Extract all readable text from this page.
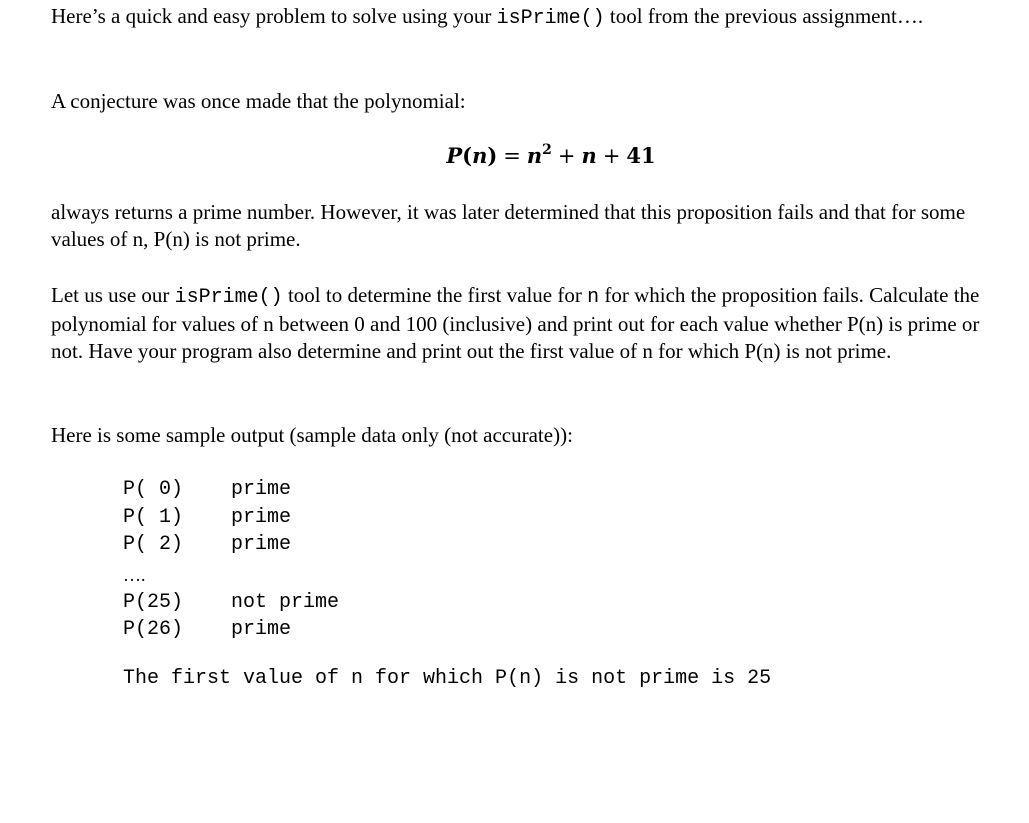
Here’s a quick and easy problem to solve using your isPrime() tool from the previous assignment….

A conjecture was once made that the polynomial:

$P(n) = n^2 + n + 41$

always returns a prime number. However, it was later determined that this proposition fails and that for some values of n, P(n) is not prime.

Let us use our isPrime() tool to determine the first value for n for which the proposition fails. Calculate the polynomial for values of n between 0 and 100 (inclusive) and print out for each value whether P(n) is prime or not. Have your program also determine and print out the first value of n for which P(n) is not prime.

Here is some sample output (sample data only (not accurate)):

P( 0)	prime
P( 1)	prime
P( 2)	prime
….
P(25)	not prime
P(26)	prime
The first value of n for which P(n) is not prime is 25
